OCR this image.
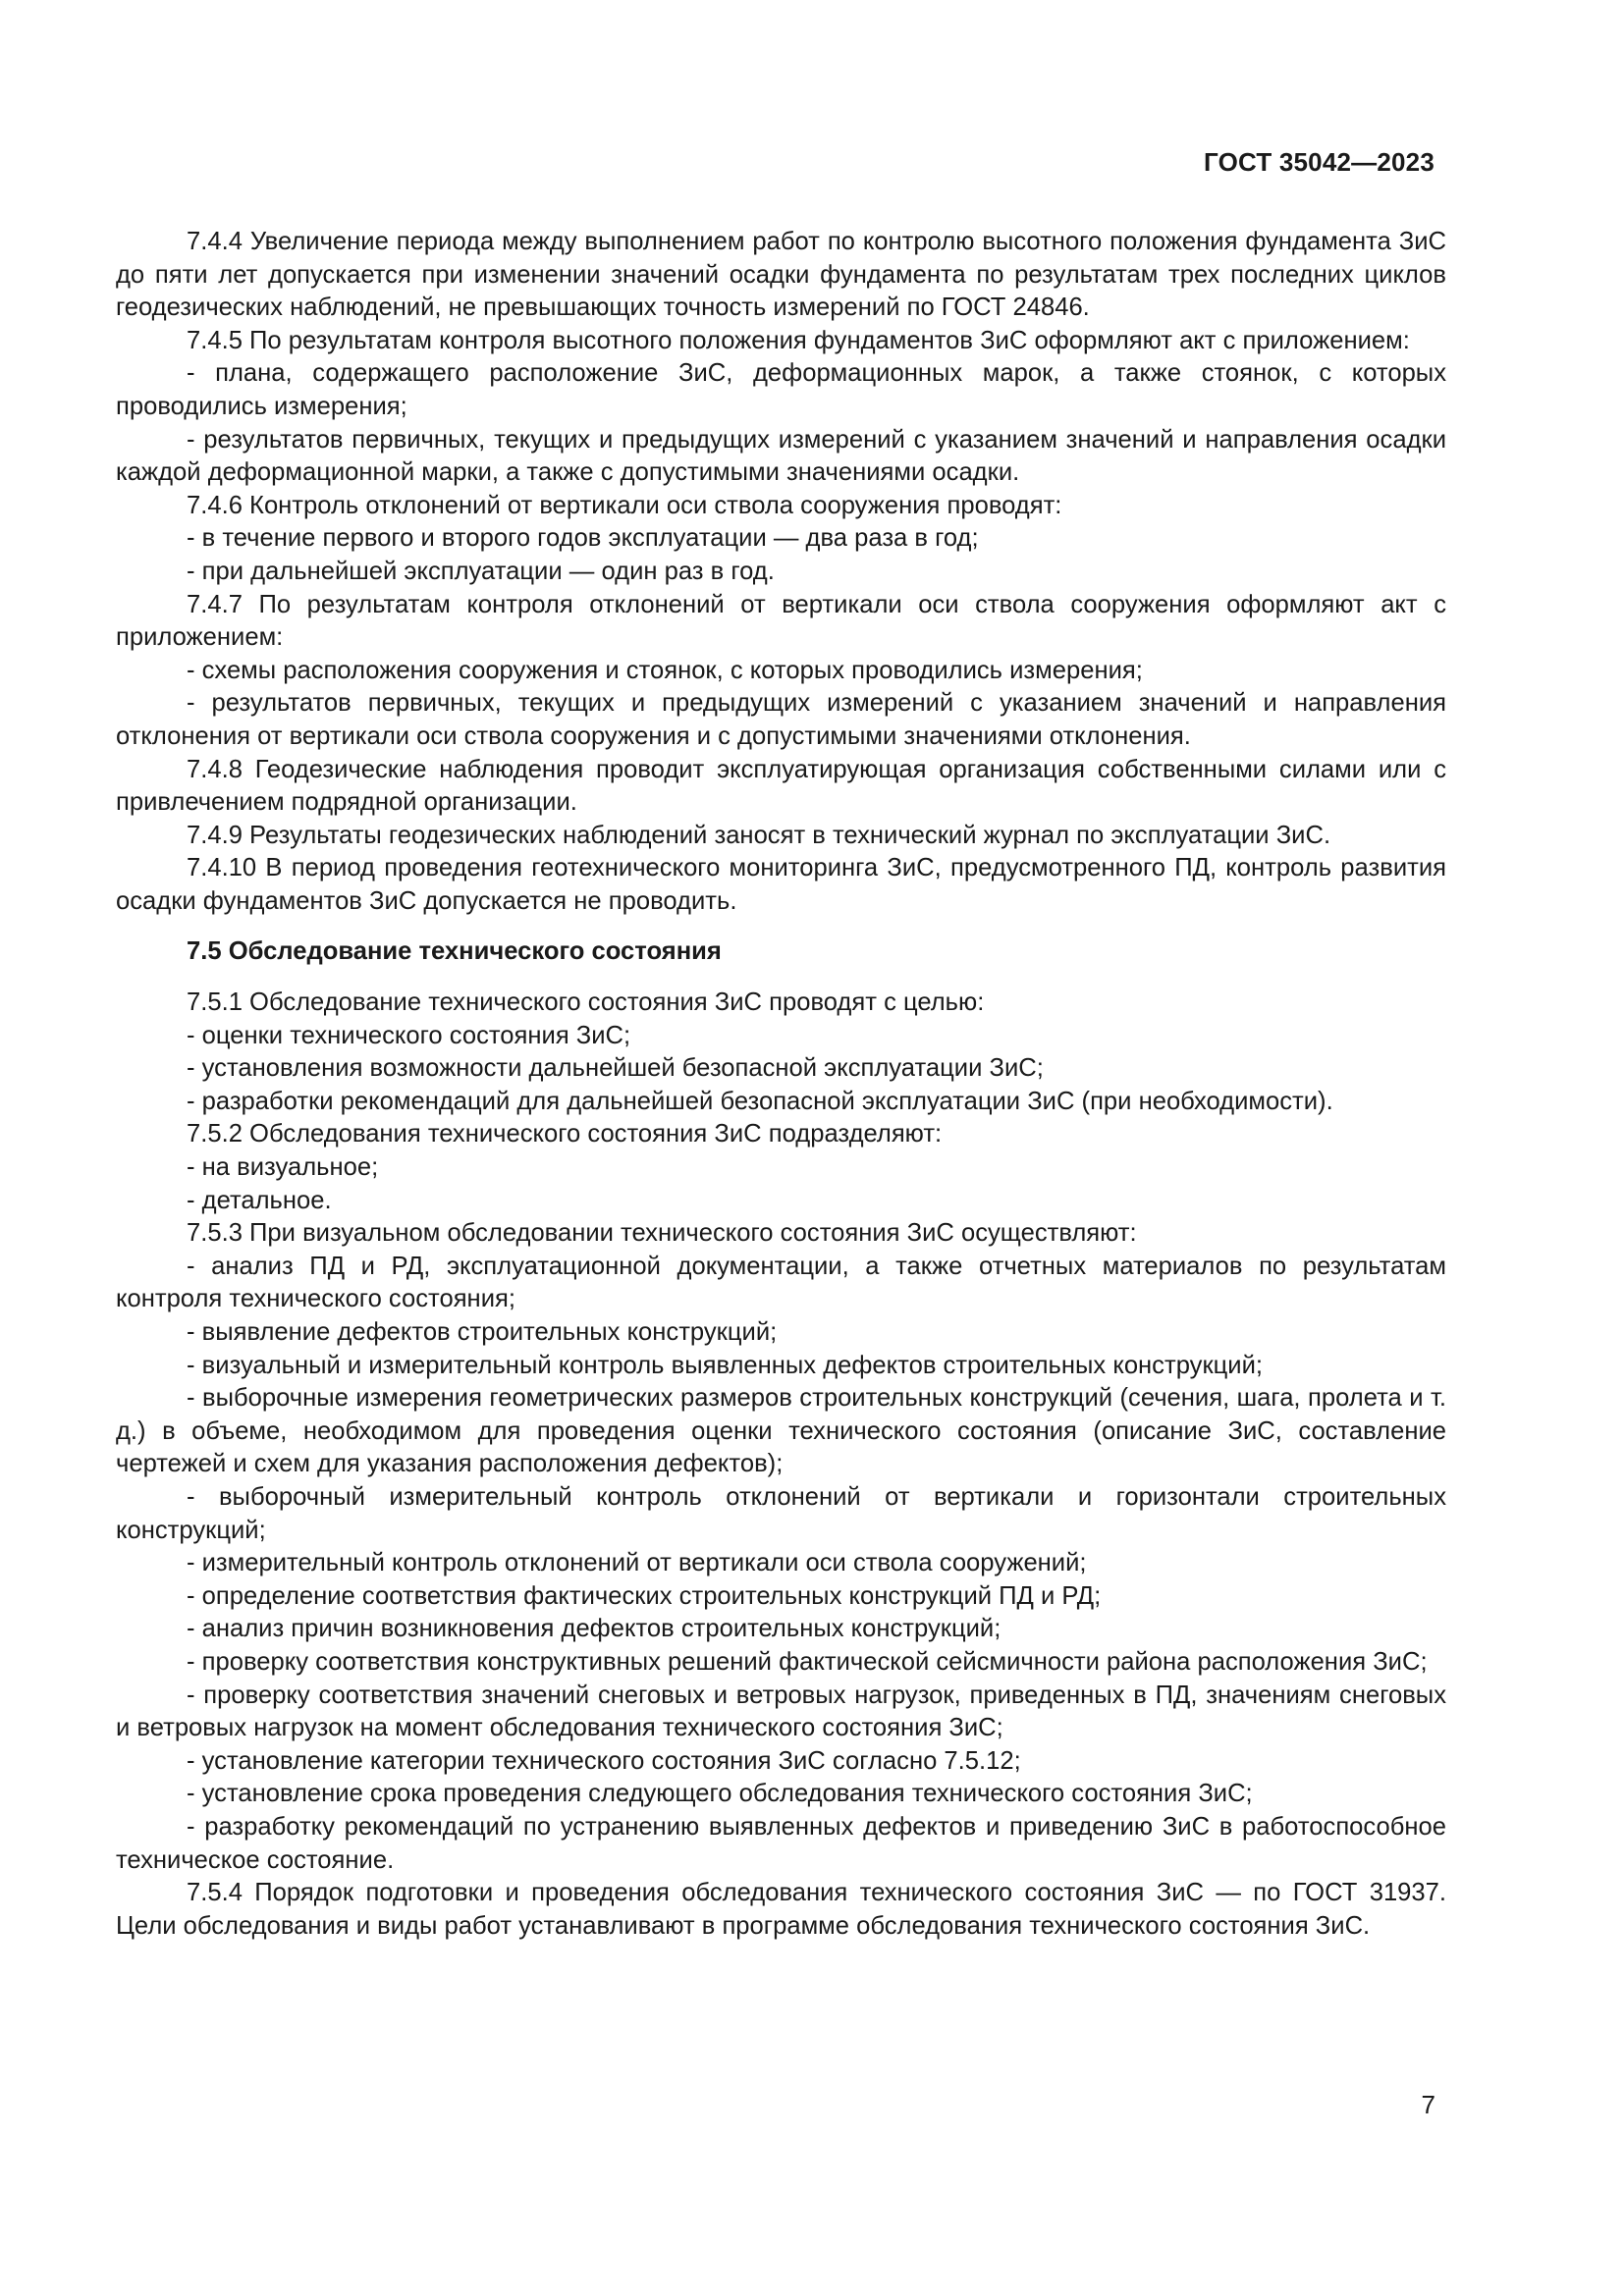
ГОСТ 35042—2023

7.4.4 Увеличение периода между выполнением работ по контролю высотного положения фундамента ЗиС до пяти лет допускается при изменении значений осадки фундамента по результатам трех последних циклов геодезических наблюдений, не превышающих точность измерений по ГОСТ 24846.

7.4.5 По результатам контроля высотного положения фундаментов ЗиС оформляют акт с приложением:

- плана, содержащего расположение ЗиС, деформационных марок, а также стоянок, с которых проводились измерения;

- результатов первичных, текущих и предыдущих измерений с указанием значений и направления осадки каждой деформационной марки, а также с допустимыми значениями осадки.

7.4.6 Контроль отклонений от вертикали оси ствола сооружения проводят:

- в течение первого и второго годов эксплуатации — два раза в год;

- при дальнейшей эксплуатации — один раз в год.

7.4.7 По результатам контроля отклонений от вертикали оси ствола сооружения оформляют акт с приложением:

- схемы расположения сооружения и стоянок, с которых проводились измерения;

- результатов первичных, текущих и предыдущих измерений с указанием значений и направления отклонения от вертикали оси ствола сооружения и с допустимыми значениями отклонения.

7.4.8 Геодезические наблюдения проводит эксплуатирующая организация собственными силами или с привлечением подрядной организации.

7.4.9 Результаты геодезических наблюдений заносят в технический журнал по эксплуатации ЗиС.

7.4.10 В период проведения геотехнического мониторинга ЗиС, предусмотренного ПД, контроль развития осадки фундаментов ЗиС допускается не проводить.

7.5 Обследование технического состояния

7.5.1 Обследование технического состояния ЗиС проводят с целью:

- оценки технического состояния ЗиС;

- установления возможности дальнейшей безопасной эксплуатации ЗиС;

- разработки рекомендаций для дальнейшей безопасной эксплуатации ЗиС (при необходимости).

7.5.2 Обследования технического состояния ЗиС подразделяют:

- на визуальное;

- детальное.

7.5.3 При визуальном обследовании технического состояния ЗиС осуществляют:

- анализ ПД и РД, эксплуатационной документации, а также отчетных материалов по результатам контроля технического состояния;

- выявление дефектов строительных конструкций;

- визуальный и измерительный контроль выявленных дефектов строительных конструкций;

- выборочные измерения геометрических размеров строительных конструкций (сечения, шага, пролета и т. д.) в объеме, необходимом для проведения оценки технического состояния (описание ЗиС, составление чертежей и схем для указания расположения дефектов);

- выборочный измерительный контроль отклонений от вертикали и горизонтали строительных конструкций;

- измерительный контроль отклонений от вертикали оси ствола сооружений;

- определение соответствия фактических строительных конструкций ПД и РД;

- анализ причин возникновения дефектов строительных конструкций;

- проверку соответствия конструктивных решений фактической сейсмичности района расположения ЗиС;

- проверку соответствия значений снеговых и ветровых нагрузок, приведенных в ПД, значениям снеговых и ветровых нагрузок на момент обследования технического состояния ЗиС;

- установление категории технического состояния ЗиС согласно 7.5.12;

- установление срока проведения следующего обследования технического состояния ЗиС;

- разработку рекомендаций по устранению выявленных дефектов и приведению ЗиС в работоспособное техническое состояние.

7.5.4 Порядок подготовки и проведения обследования технического состояния ЗиС — по ГОСТ 31937. Цели обследования и виды работ устанавливают в программе обследования технического состояния ЗиС.

7
